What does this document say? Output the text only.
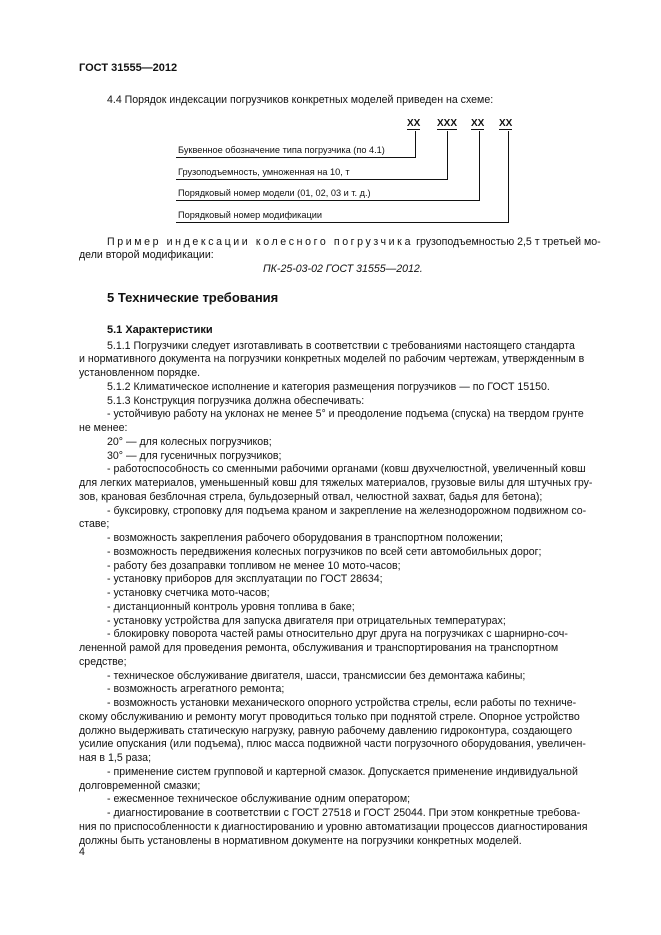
ГОСТ 31555—2012
4.4 Порядок индексации погрузчиков конкретных моделей приведен на схеме:
XX XXX XX XX
Буквенное обозначение типа погрузчика (по 4.1)
Грузоподъемность, умноженная на 10, т
Порядковый номер модели (01, 02, 03 и т. д.)
Порядковый номер модификации
Пример индексации колесного погрузчика грузоподъемностью 2,5 т третьей мо-
дели второй модификации:
ПК-25-03-02 ГОСТ 31555—2012.
5 Технические требования
5.1 Характеристики
5.1.1 Погрузчики следует изготавливать в соответствии с требованиями настоящего стандарта
и нормативного документа на погрузчики конкретных моделей по рабочим чертежам, утвержденным в
установленном порядке.
5.1.2 Климатическое исполнение и категория размещения погрузчиков — по ГОСТ 15150.
5.1.3 Конструкция погрузчика должна обеспечивать:
- устойчивую работу на уклонах не менее 5° и преодоление подъема (спуска) на твердом грунте
не менее:
20° — для колесных погрузчиков;
30° — для гусеничных погрузчиков;
- работоспособность со сменными рабочими органами (ковш двухчелюстной, увеличенный ковш
для легких материалов, уменьшенный ковш для тяжелых материалов, грузовые вилы для штучных гру-
зов, крановая безблочная стрела, бульдозерный отвал, челюстной захват, бадья для бетона);
- буксировку, строповку для подъема краном и закрепление на железнодорожном подвижном со-
ставе;
- возможность закрепления рабочего оборудования в транспортном положении;
- возможность передвижения колесных погрузчиков по всей сети автомобильных дорог;
- работу без дозаправки топливом не менее 10 мото-часов;
- установку приборов для эксплуатации по ГОСТ 28634;
- установку счетчика мото-часов;
- дистанционный контроль уровня топлива в баке;
- установку устройства для запуска двигателя при отрицательных температурах;
- блокировку поворота частей рамы относительно друг друга на погрузчиках с шарнирно-соч-
лененной рамой для проведения ремонта, обслуживания и транспортирования на транспортном
средстве;
- техническое обслуживание двигателя, шасси, трансмиссии без демонтажа кабины;
- возможность агрегатного ремонта;
- возможность установки механического опорного устройства стрелы, если работы по техниче-
скому обслуживанию и ремонту могут проводиться только при поднятой стреле. Опорное устройство
должно выдерживать статическую нагрузку, равную рабочему давлению гидроконтура, создающего
усилие опускания (или подъема), плюс масса подвижной части погрузочного оборудования, увеличен-
ная в 1,5 раза;
- применение систем групповой и картерной смазок. Допускается применение индивидуальной
долговременной смазки;
- ежесменное техническое обслуживание одним оператором;
- диагностирование в соответствии с ГОСТ 27518 и ГОСТ 25044. При этом конкретные требова-
ния по приспособленности к диагностированию и уровню автоматизации процессов диагностирования
должны быть установлены в нормативном документе на погрузчики конкретных моделей.
4
